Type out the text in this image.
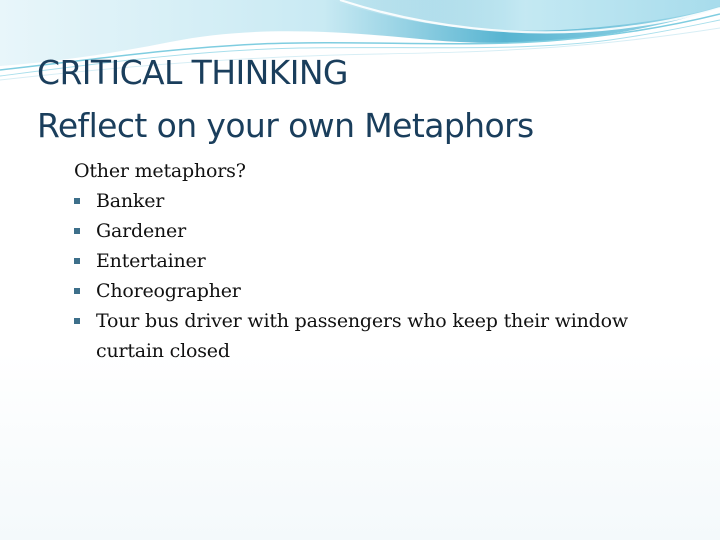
CRITICAL THINKING
Reflect on your own Metaphors

Other metaphors?

Banker
Gardener
Entertainer
Choreographer
Tour bus driver with passengers who keep their window curtain closed
